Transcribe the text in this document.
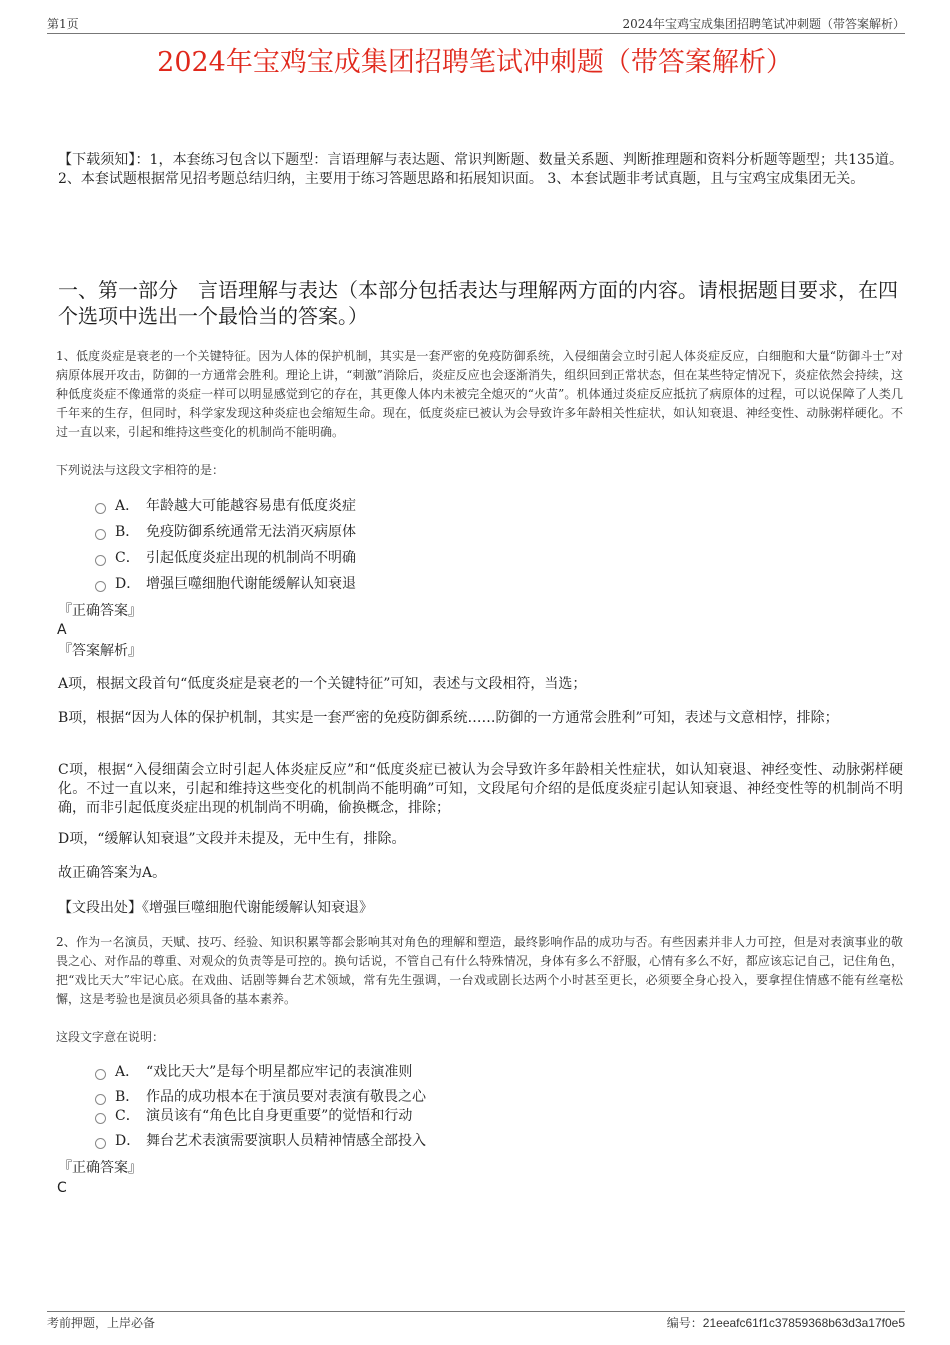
第1页	2024年宝鸡宝成集团招聘笔试冲刺题（带答案解析）
2024年宝鸡宝成集团招聘笔试冲刺题（带答案解析）
【下载须知】：1，本套练习包含以下题型：言语理解与表达题、常识判断题、数量关系题、判断推理题和资料分析题等题型；共135道。 2、本套试题根据常见招考题总结归纳，主要用于练习答题思路和拓展知识面。 3、本套试题非考试真题，且与宝鸡宝成集团无关。
一、第一部分　言语理解与表达（本部分包括表达与理解两方面的内容。请根据题目要求，在四个选项中选出一个最恰当的答案。）
1、低度炎症是衰老的一个关键特征。因为人体的保护机制，其实是一套严密的免疫防御系统，入侵细菌会立时引起人体炎症反应，白细胞和大量“防御斗士”对病原体展开攻击，防御的一方通常会胜利。理论上讲，“刺激”消除后，炎症反应也会逐渐消失，组织回到正常状态，但在某些特定情况下，炎症依然会持续，这种低度炎症不像通常的炎症一样可以明显感觉到它的存在，其更像人体内未被完全熄灭的“火苗”。机体通过炎症反应抵抗了病原体的过程，可以说保障了人类几千年来的生存，但同时，科学家发现这种炎症也会缩短生命。现在，低度炎症已被认为会导致许多年龄相关性症状，如认知衰退、神经变性、动脉粥样硬化。不过一直以来，引起和维持这些变化的机制尚不能明确。
下列说法与这段文字相符的是：
A． 年龄越大可能越容易患有低度炎症
B． 免疫防御系统通常无法消灭病原体
C． 引起低度炎症出现的机制尚不明确
D． 增强巨噬细胞代谢能缓解认知衰退
『正确答案』
A
『答案解析』
A项，根据文段首句“低度炎症是衰老的一个关键特征”可知，表述与文段相符，当选；
B项，根据“因为人体的保护机制，其实是一套严密的免疫防御系统……防御的一方通常会胜利”可知，表述与文意相悖，排除；
C项，根据“入侵细菌会立时引起人体炎症反应”和“低度炎症已被认为会导致许多年龄相关性症状，如认知衰退、神经变性、动脉粥样硬化。不过一直以来，引起和维持这些变化的机制尚不能明确”可知，文段尾句介绍的是低度炎症引起认知衰退、神经变性等的机制尚不明确，而非引起低度炎症出现的机制尚不明确，偷换概念，排除；
D项，“缓解认知衰退”文段并未提及，无中生有，排除。
故正确答案为A。
【文段出处】《增强巨噬细胞代谢能缓解认知衰退》
2、作为一名演员，天赋、技巧、经验、知识积累等都会影响其对角色的理解和塑造，最终影响作品的成功与否。有些因素并非人力可控，但是对表演事业的敬畏之心、对作品的尊重、对观众的负责等是可控的。换句话说，不管自己有什么特殊情况，身体有多么不舒服，心情有多么不好，都应该忘记自己，记住角色，把“戏比天大”牢记心底。在戏曲、话剧等舞台艺术领域，常有先生强调，一台戏或剧长达两个小时甚至更长，必须要全身心投入，要拿捏住情感不能有丝毫松懈，这是考验也是演员必须具备的基本素养。
这段文字意在说明：
A． “戏比天大”是每个明星都应牢记的表演准则
B． 作品的成功根本在于演员要对表演有敬畏之心
C． 演员该有“角色比自身更重要”的觉悟和行动
D． 舞台艺术表演需要演职人员精神情感全部投入
『正确答案』
C
考前押题，上岸必备	编号：21eeafc61f1c37859368b63d3a17f0e5
